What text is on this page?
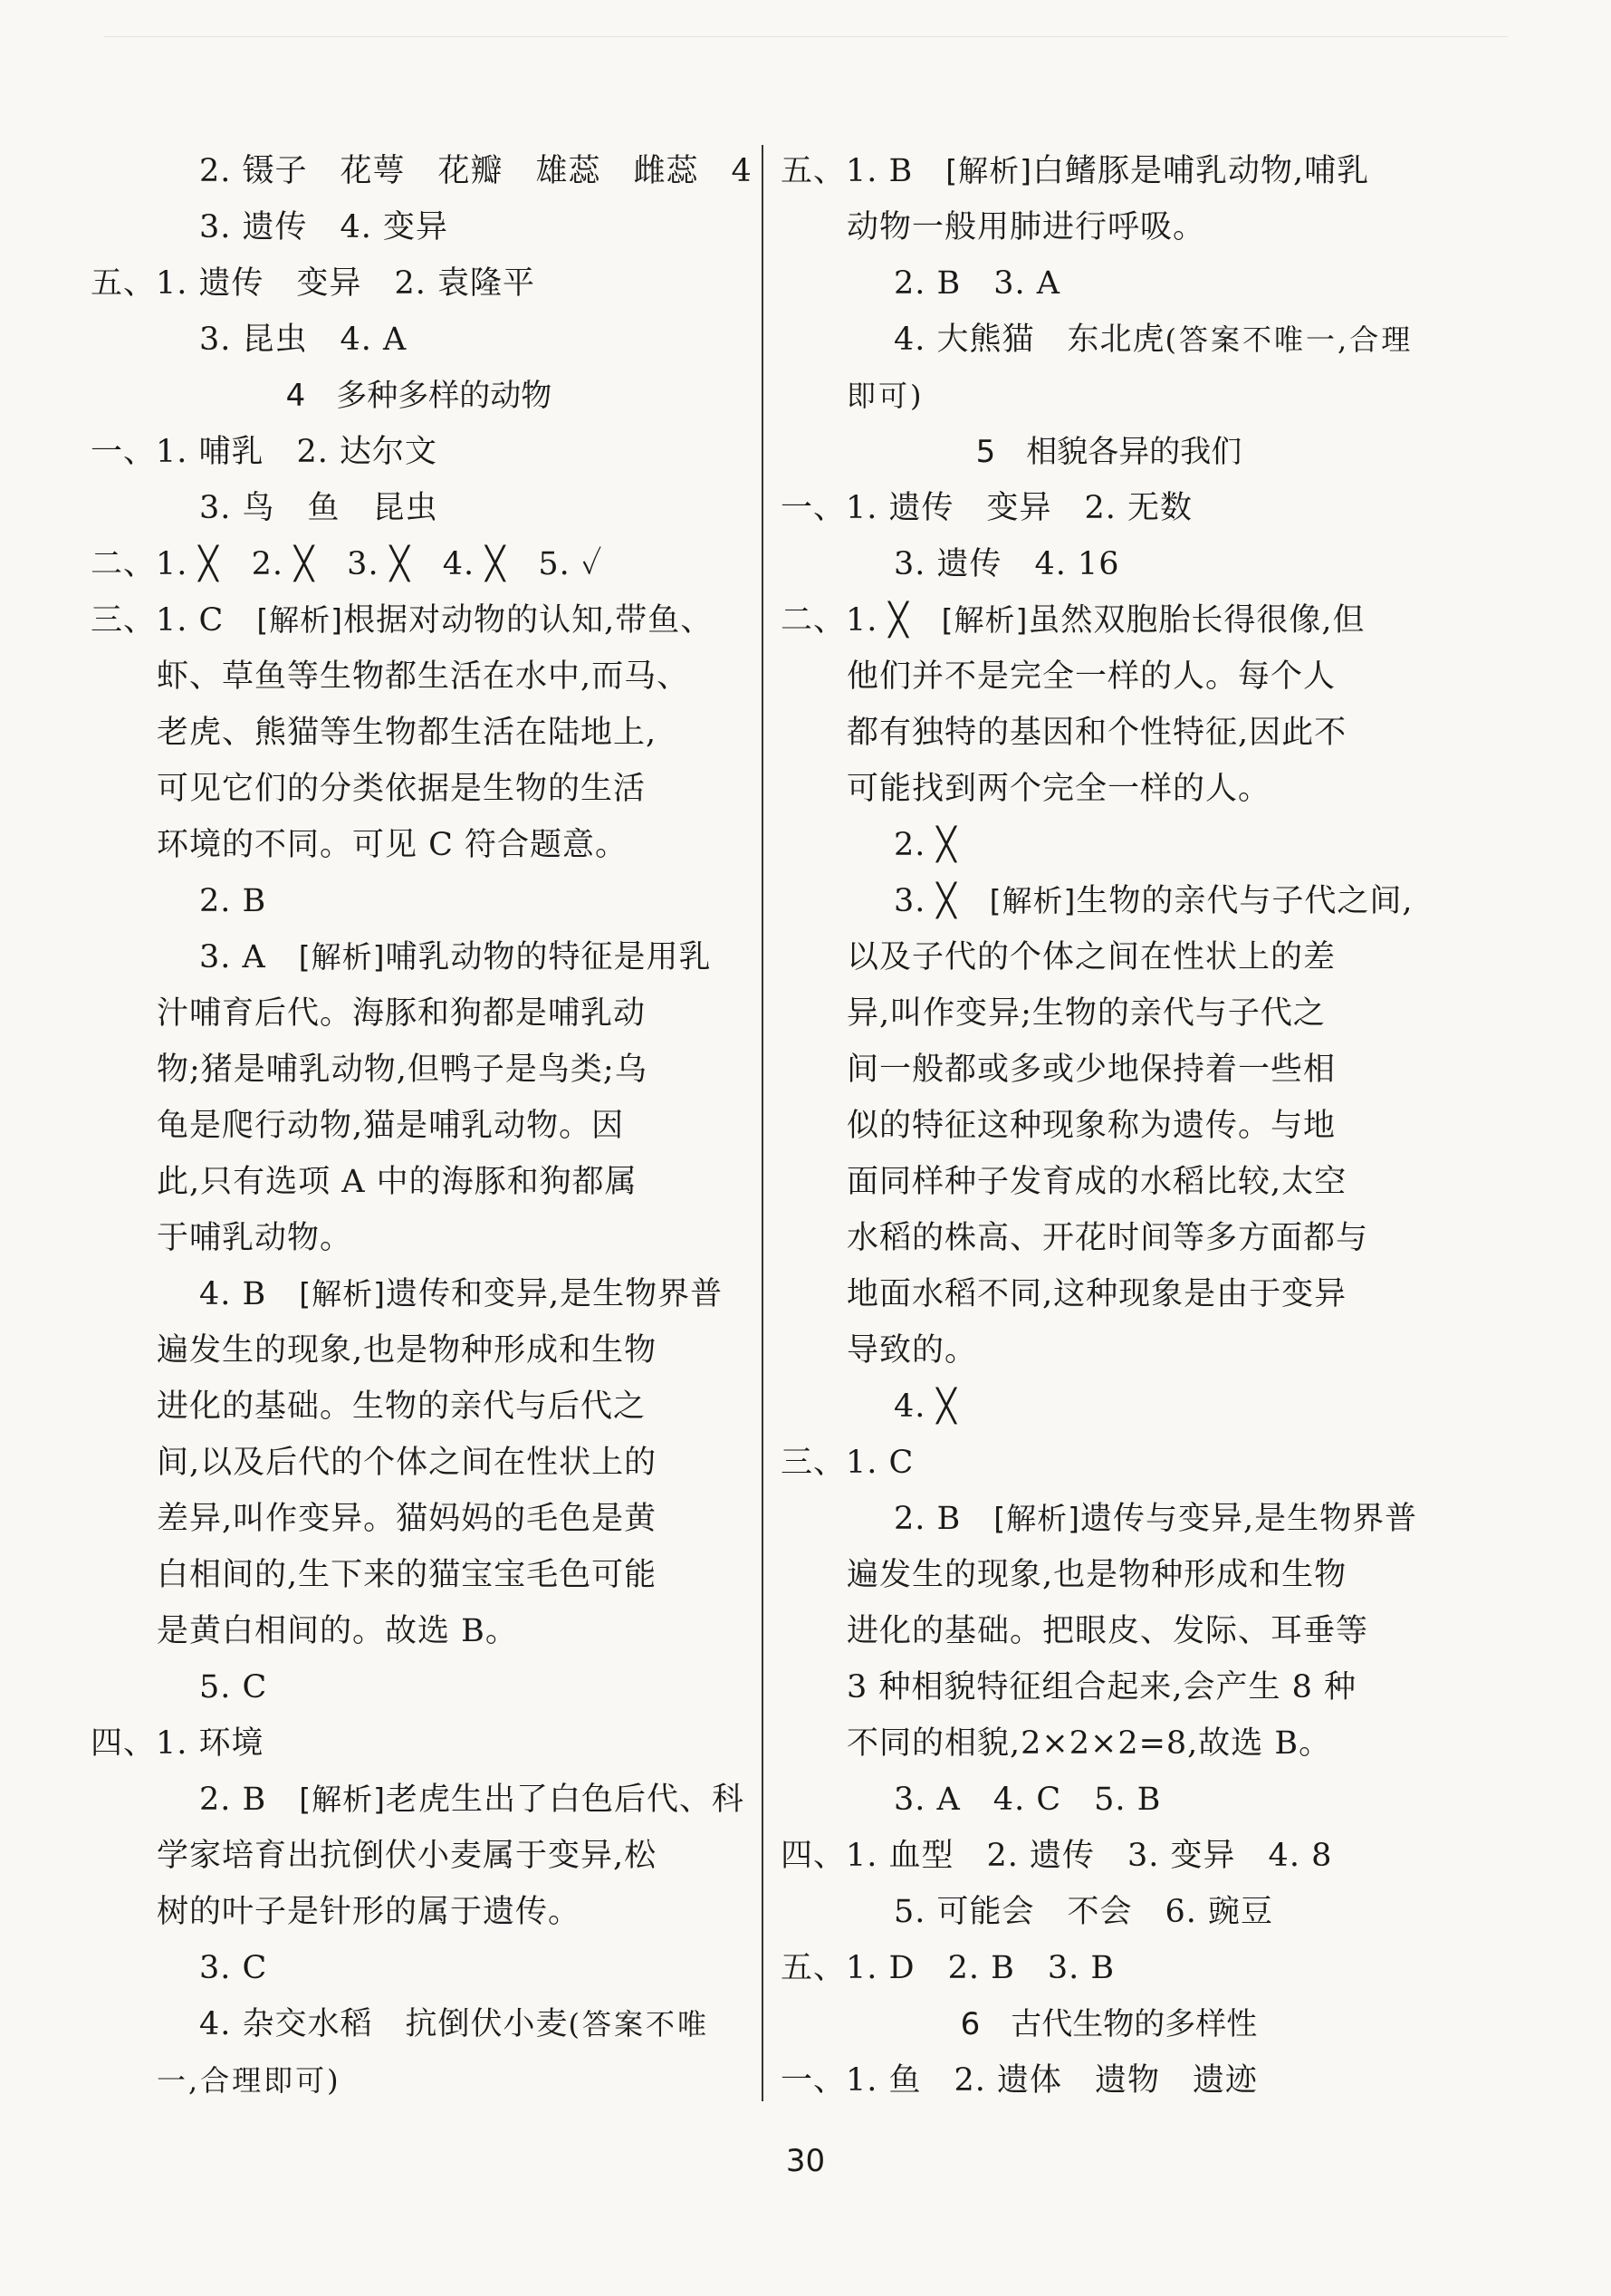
2. 镊子　花萼　花瓣　雄蕊　雌蕊　4
3. 遗传　4. 变异
五、1. 遗传　变异　2. 袁隆平
3. 昆虫　4. A
4　多种多样的动物
一、1. 哺乳　2. 达尔文
3. 鸟　鱼　昆虫
二、1. ╳　2. ╳　3. ╳　4. ╳　5. ✓
三、1. C　[解析]根据对动物的认知,带鱼、
虾、草鱼等生物都生活在水中,而马、
老虎、熊猫等生物都生活在陆地上,
可见它们的分类依据是生物的生活
环境的不同。可见 C 符合题意。
2. B
3. A　[解析]哺乳动物的特征是用乳
汁哺育后代。海豚和狗都是哺乳动
物;猪是哺乳动物,但鸭子是鸟类;乌
龟是爬行动物,猫是哺乳动物。因
此,只有选项 A 中的海豚和狗都属
于哺乳动物。
4. B　[解析]遗传和变异,是生物界普
遍发生的现象,也是物种形成和生物
进化的基础。生物的亲代与后代之
间,以及后代的个体之间在性状上的
差异,叫作变异。猫妈妈的毛色是黄
白相间的,生下来的猫宝宝毛色可能
是黄白相间的。故选 B。
5. C
四、1. 环境
2. B　[解析]老虎生出了白色后代、科
学家培育出抗倒伏小麦属于变异,松
树的叶子是针形的属于遗传。
3. C
4. 杂交水稻　抗倒伏小麦(答案不唯
一,合理即可)
五、1. B　[解析]白鳍豚是哺乳动物,哺乳
动物一般用肺进行呼吸。
2. B　3. A
4. 大熊猫　东北虎(答案不唯一,合理
即可)
5　相貌各异的我们
一、1. 遗传　变异　2. 无数
3. 遗传　4. 16
二、1. ╳　[解析]虽然双胞胎长得很像,但
他们并不是完全一样的人。每个人
都有独特的基因和个性特征,因此不
可能找到两个完全一样的人。
2. ╳
3. ╳　[解析]生物的亲代与子代之间,
以及子代的个体之间在性状上的差
异,叫作变异;生物的亲代与子代之
间一般都或多或少地保持着一些相
似的特征这种现象称为遗传。与地
面同样种子发育成的水稻比较,太空
水稻的株高、开花时间等多方面都与
地面水稻不同,这种现象是由于变异
导致的。
4. ╳
三、1. C
2. B　[解析]遗传与变异,是生物界普
遍发生的现象,也是物种形成和生物
进化的基础。把眼皮、发际、耳垂等
3 种相貌特征组合起来,会产生 8 种
不同的相貌,2×2×2=8,故选 B。
3. A　4. C　5. B
四、1. 血型　2. 遗传　3. 变异　4. 8
5. 可能会　不会　6. 豌豆
五、1. D　2. B　3. B
6　古代生物的多样性
一、1. 鱼　2. 遗体　遗物　遗迹
30
